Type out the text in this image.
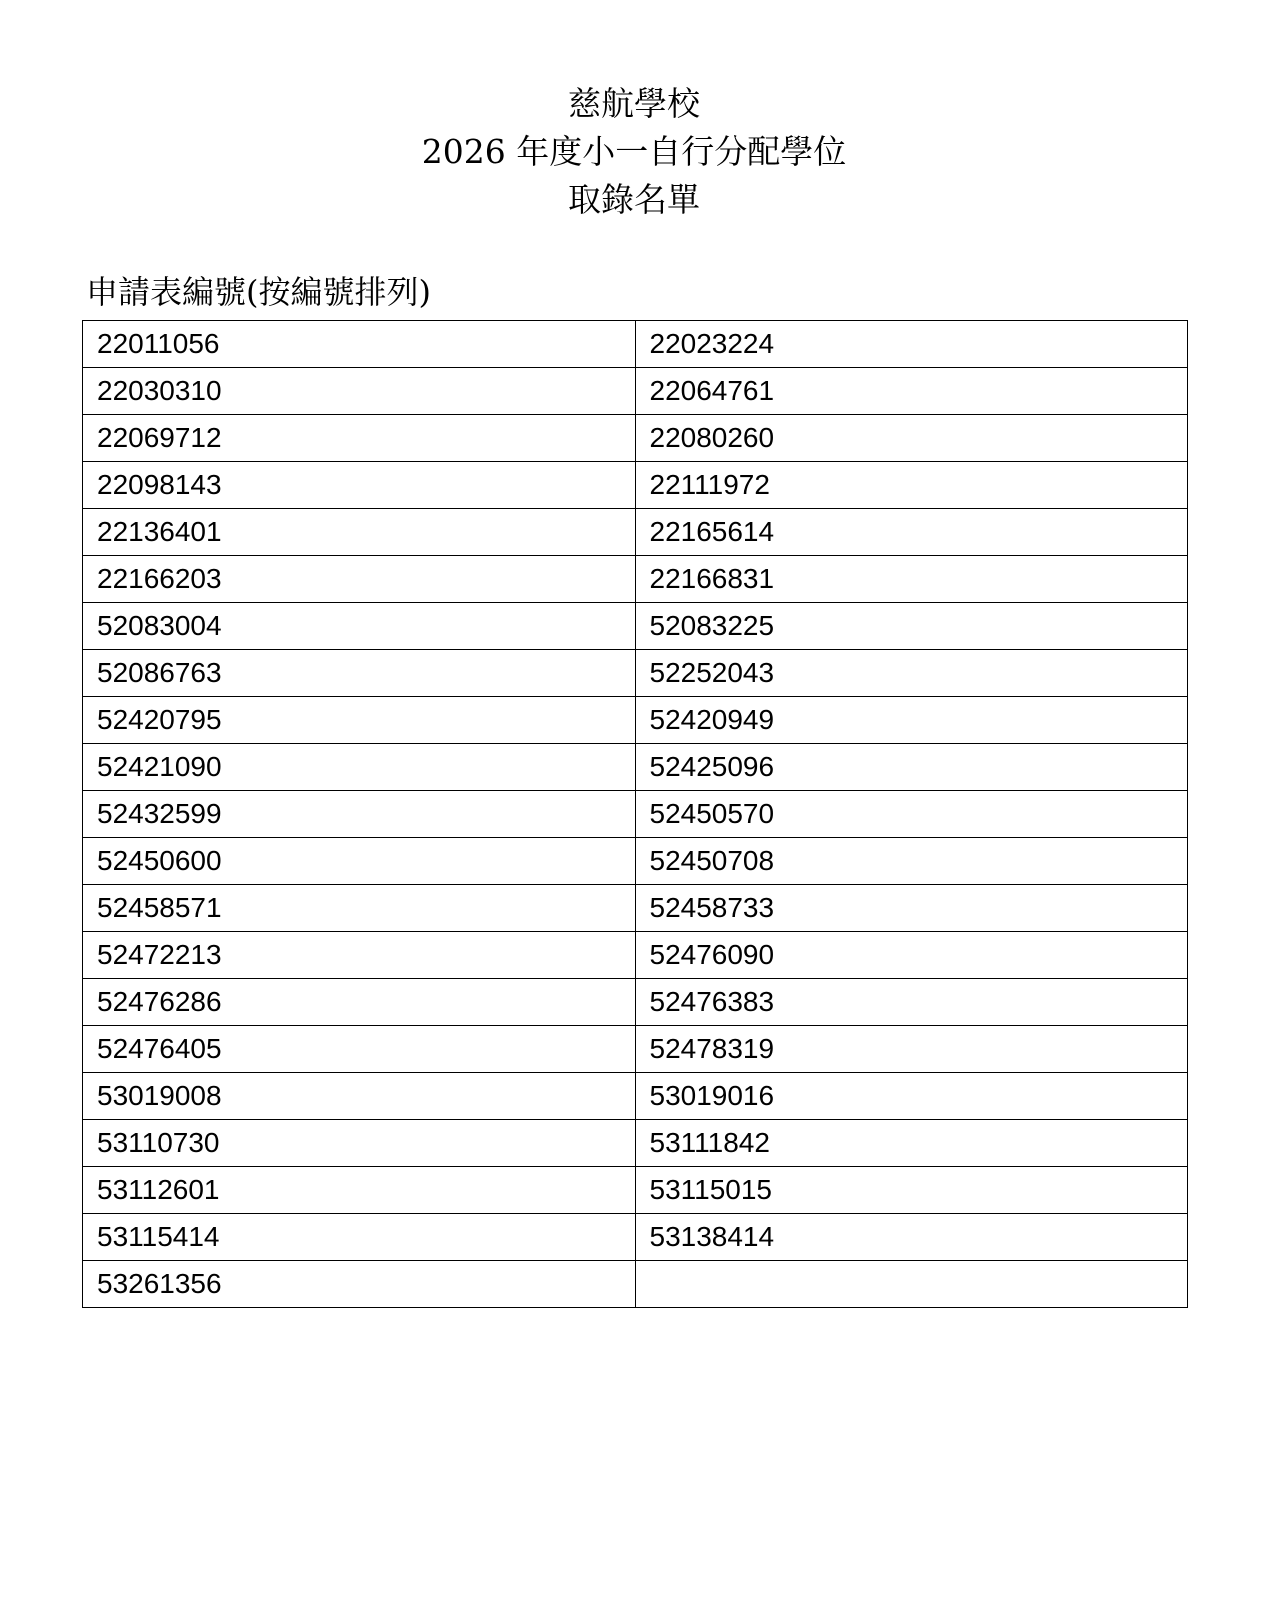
慈航學校
2026 年度小一自行分配學位
取錄名單
申請表編號(按編號排列)
22011056	22023224
22030310	22064761
22069712	22080260
22098143	22111972
22136401	22165614
22166203	22166831
52083004	52083225
52086763	52252043
52420795	52420949
52421090	52425096
52432599	52450570
52450600	52450708
52458571	52458733
52472213	52476090
52476286	52476383
52476405	52478319
53019008	53019016
53110730	53111842
53112601	53115015
53115414	53138414
53261356	
